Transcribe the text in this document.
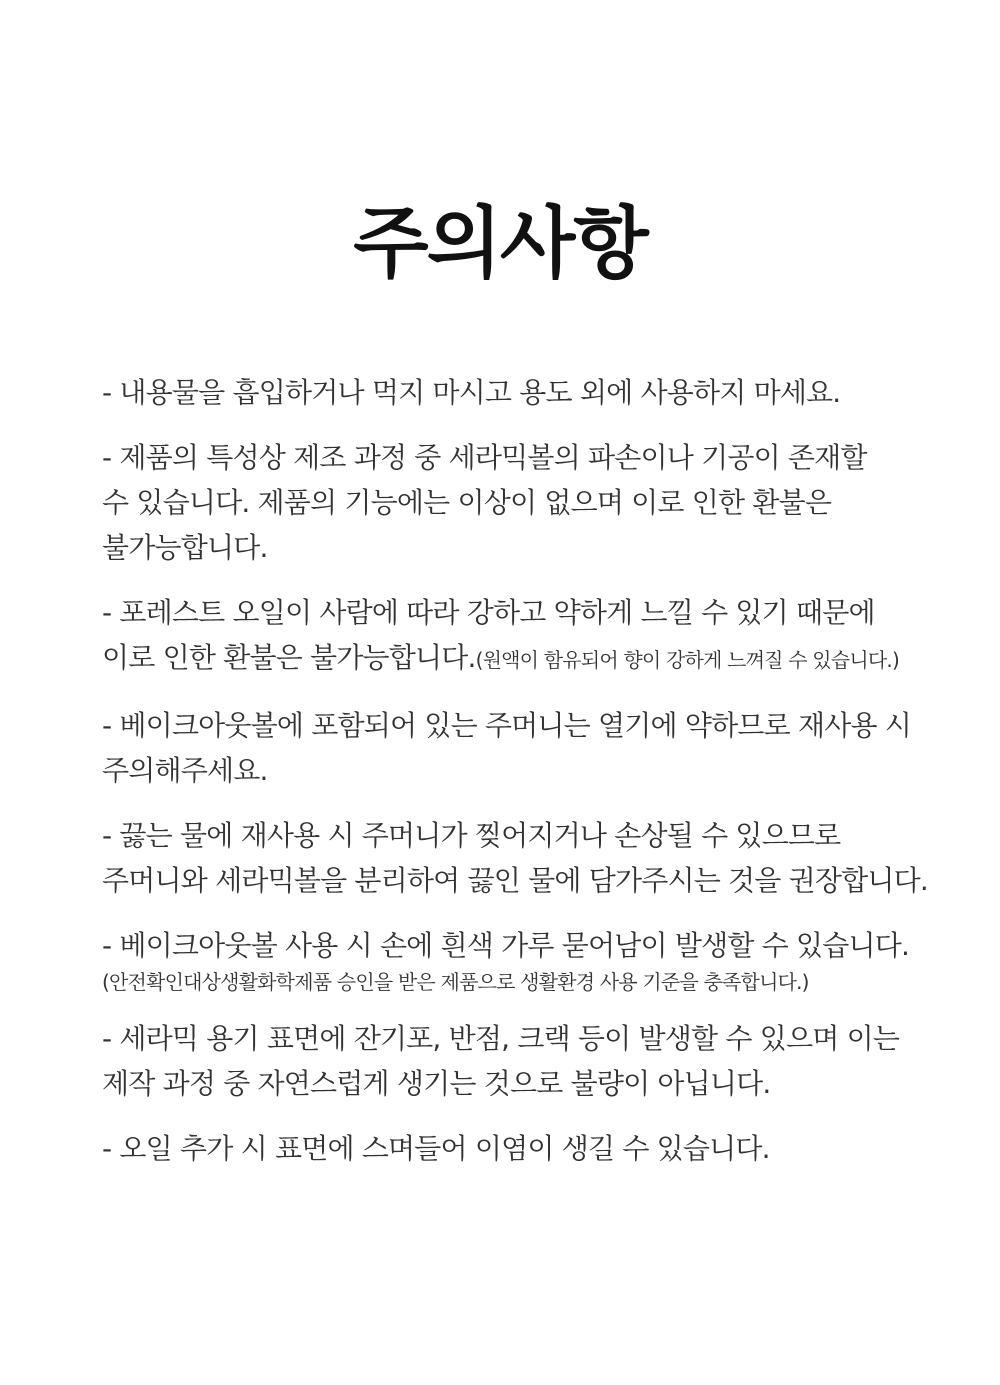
주의사항
- 내용물을 흡입하거나 먹지 마시고 용도 외에 사용하지 마세요.
- 제품의 특성상 제조 과정 중 세라믹볼의 파손이나 기공이 존재할
수 있습니다. 제품의 기능에는 이상이 없으며 이로 인한 환불은
불가능합니다.
- 포레스트 오일이 사람에 따라 강하고 약하게 느낄 수 있기 때문에
이로 인한 환불은 불가능합니다.(원액이 함유되어 향이 강하게 느껴질 수 있습니다.)
- 베이크아웃볼에 포함되어 있는 주머니는 열기에 약하므로 재사용 시
주의해주세요.
- 끓는 물에 재사용 시 주머니가 찢어지거나 손상될 수 있으므로
주머니와 세라믹볼을 분리하여 끓인 물에 담가주시는 것을 권장합니다.
- 베이크아웃볼 사용 시 손에 흰색 가루 묻어남이 발생할 수 있습니다.
(안전확인대상생활화학제품 승인을 받은 제품으로 생활환경 사용 기준을 충족합니다.)
- 세라믹 용기 표면에 잔기포, 반점, 크랙 등이 발생할 수 있으며 이는
제작 과정 중 자연스럽게 생기는 것으로 불량이 아닙니다.
- 오일 추가 시 표면에 스며들어 이염이 생길 수 있습니다.
